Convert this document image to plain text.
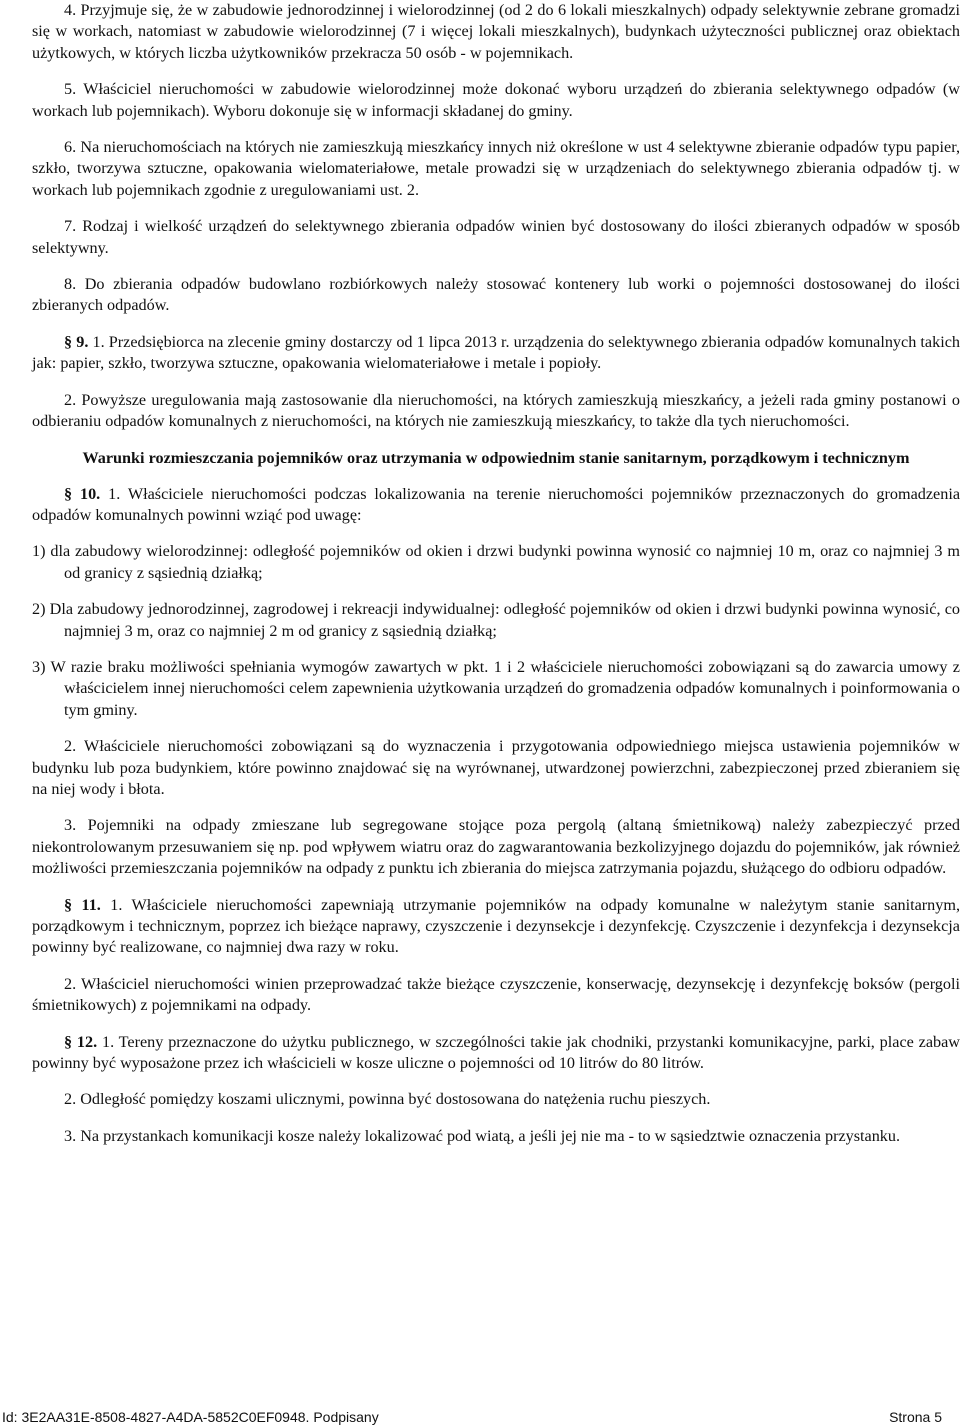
4. Przyjmuje się, że w zabudowie jednorodzinnej i wielorodzinnej (od 2 do 6 lokali mieszkalnych) odpady selektywnie zebrane gromadzi się w workach, natomiast w zabudowie wielorodzinnej (7 i więcej lokali mieszkalnych), budynkach użyteczności publicznej oraz obiektach użytkowych, w których liczba użytkowników przekracza 50 osób - w pojemnikach.

5. Właściciel nieruchomości w zabudowie wielorodzinnej może dokonać wyboru urządzeń do zbierania selektywnego odpadów (w workach lub pojemnikach). Wyboru dokonuje się w informacji składanej do gminy.

6. Na nieruchomościach na których nie zamieszkują mieszkańcy innych niż określone w ust 4 selektywne zbieranie odpadów typu papier, szkło, tworzywa sztuczne, opakowania wielomateriałowe, metale prowadzi się w urządzeniach do selektywnego zbierania odpadów tj. w workach lub pojemnikach zgodnie z uregulowaniami ust. 2.

7. Rodzaj i wielkość urządzeń do selektywnego zbierania odpadów winien być dostosowany do ilości zbieranych odpadów w sposób selektywny.

8. Do zbierania odpadów budowlano rozbiórkowych należy stosować kontenery lub worki o pojemności dostosowanej do ilości zbieranych odpadów.

§ 9. 1. Przedsiębiorca na zlecenie gminy dostarczy od 1 lipca 2013 r. urządzenia do selektywnego zbierania odpadów komunalnych takich jak: papier, szkło, tworzywa sztuczne, opakowania wielomateriałowe i metale i popioły.

2. Powyższe uregulowania mają zastosowanie dla nieruchomości, na których zamieszkują mieszkańcy, a jeżeli rada gminy postanowi o odbieraniu odpadów komunalnych z nieruchomości, na których nie zamieszkują mieszkańcy, to także dla tych nieruchomości.

Warunki rozmieszczania pojemników oraz utrzymania w odpowiednim stanie sanitarnym, porządkowym i technicznym

§ 10. 1. Właściciele nieruchomości podczas lokalizowania na terenie nieruchomości pojemników przeznaczonych do gromadzenia odpadów komunalnych powinni wziąć pod uwagę:

1) dla zabudowy wielorodzinnej: odległość pojemników od okien i drzwi budynki powinna wynosić co najmniej 10 m, oraz co najmniej 3 m od granicy z sąsiednią działką;

2) Dla zabudowy jednorodzinnej, zagrodowej i rekreacji indywidualnej: odległość pojemników od okien i drzwi budynki powinna wynosić, co najmniej 3 m, oraz co najmniej 2 m od granicy z sąsiednią działką;

3) W razie braku możliwości spełniania wymogów zawartych w pkt. 1 i 2 właściciele nieruchomości zobowiązani są do zawarcia umowy z właścicielem innej nieruchomości celem zapewnienia użytkowania urządzeń do gromadzenia odpadów komunalnych i poinformowania o tym gminy.

2. Właściciele nieruchomości zobowiązani są do wyznaczenia i przygotowania odpowiedniego miejsca ustawienia pojemników w budynku lub poza budynkiem, które powinno znajdować się na wyrównanej, utwardzonej powierzchni, zabezpieczonej przed zbieraniem się na niej wody i błota.

3. Pojemniki na odpady zmieszane lub segregowane stojące poza pergolą (altaną śmietnikową) należy zabezpieczyć przed niekontrolowanym przesuwaniem się np. pod wpływem wiatru oraz do zagwarantowania bezkolizyjnego dojazdu do pojemników, jak również możliwości przemieszczania pojemników na odpady z punktu ich zbierania do miejsca zatrzymania pojazdu, służącego do odbioru odpadów.

§ 11. 1. Właściciele nieruchomości zapewniają utrzymanie pojemników na odpady komunalne w należytym stanie sanitarnym, porządkowym i technicznym, poprzez ich bieżące naprawy, czyszczenie i dezynsekcje i dezynfekcję. Czyszczenie i dezynfekcja i dezynsekcja powinny być realizowane, co najmniej dwa razy w roku.

2. Właściciel nieruchomości winien przeprowadzać także bieżące czyszczenie, konserwację, dezynsekcję i dezynfekcję boksów (pergoli śmietnikowych) z pojemnikami na odpady.

§ 12. 1. Tereny przeznaczone do użytku publicznego, w szczególności takie jak chodniki, przystanki komunikacyjne, parki, place zabaw powinny być wyposażone przez ich właścicieli w kosze uliczne o pojemności od 10 litrów do 80 litrów.

2. Odległość pomiędzy koszami ulicznymi, powinna być dostosowana do natężenia ruchu pieszych.

3. Na przystankach komunikacji kosze należy lokalizować pod wiatą, a jeśli jej nie ma - to w sąsiedztwie oznaczenia przystanku.

Id: 3E2AA31E-8508-4827-A4DA-5852C0EF0948. Podpisany	Strona 5
